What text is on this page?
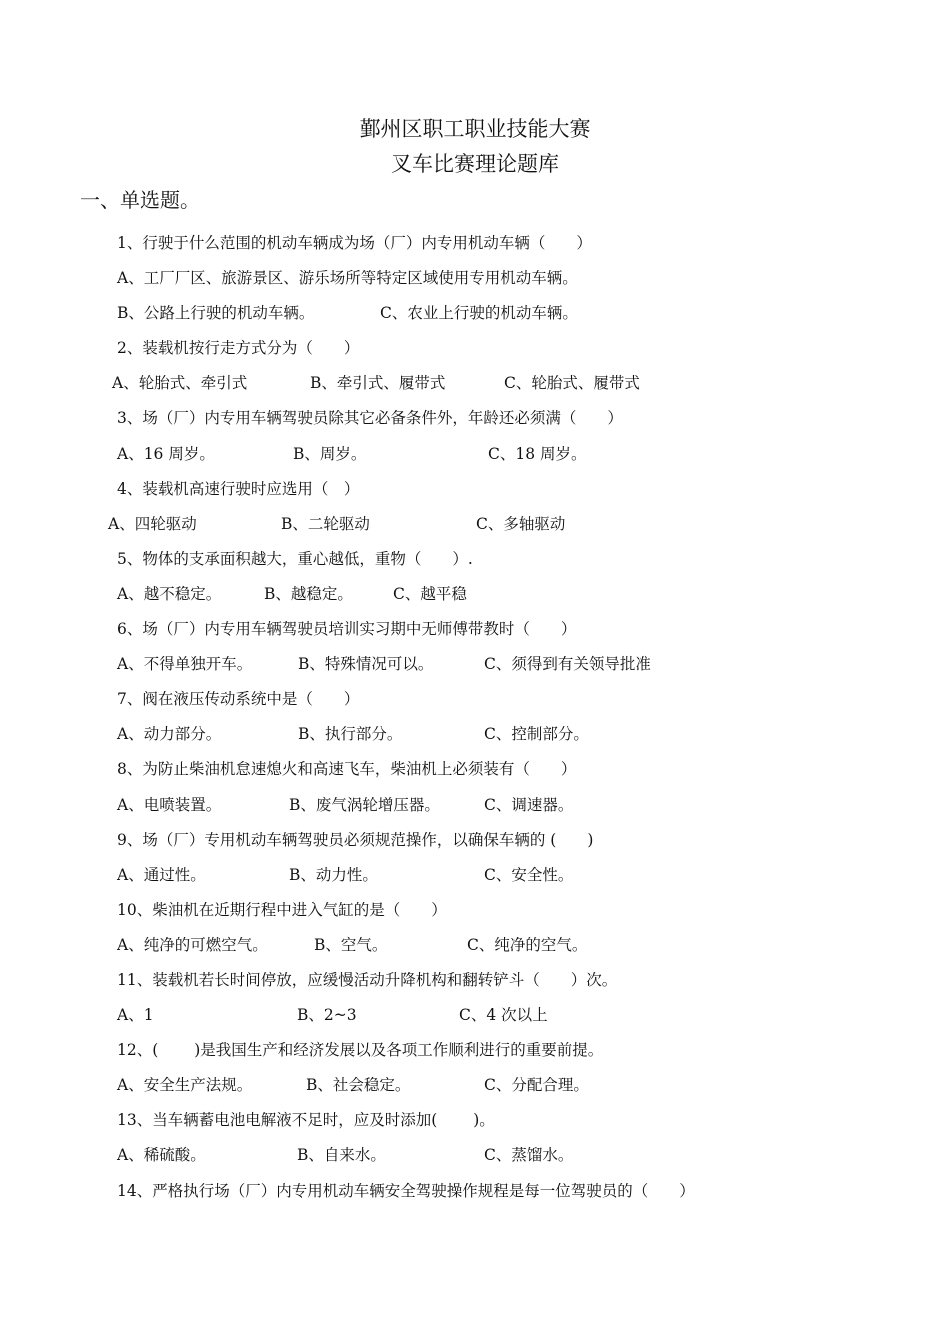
鄞州区职工职业技能大赛
叉车比赛理论题库
一、单选题。
1、行驶于什么范围的机动车辆成为场（厂）内专用机动车辆（　　）
A、工厂厂区、旅游景区、游乐场所等特定区域使用专用机动车辆。
B、公路上行驶的机动车辆。	C、农业上行驶的机动车辆。
2、装载机按行走方式分为（　　）
A、轮胎式、牵引式	B、牵引式、履带式	C、轮胎式、履带式
3、场（厂）内专用车辆驾驶员除其它必备条件外，年龄还必须满（　　）
A、16 周岁。	B、周岁。	C、18 周岁。
4、装载机高速行驶时应选用（　）
A、四轮驱动	B、二轮驱动	C、多轴驱动
5、物体的支承面积越大，重心越低，重物（　　）.
A、越不稳定。	B、越稳定。	C、越平稳
6、场（厂）内专用车辆驾驶员培训实习期中无师傅带教时（　　）
A、不得单独开车。	B、特殊情况可以。	C、须得到有关领导批准
7、阀在液压传动系统中是（　　）
A、动力部分。	B、执行部分。	C、控制部分。
8、为防止柴油机怠速熄火和高速飞车，柴油机上必须装有（　　）
A、电喷装置。	B、废气涡轮增压器。	C、调速器。
9、场（厂）专用机动车辆驾驶员必须规范操作，以确保车辆的 (　　)
A、通过性。	B、动力性。	C、安全性。
10、柴油机在近期行程中进入气缸的是（　　）
A、纯净的可燃空气。	B、空气。	C、纯净的空气。
11、装载机若长时间停放，应缓慢活动升降机构和翻转铲斗（　　）次。
A、1	B、2~3	C、4 次以上
12、(　　 )是我国生产和经济发展以及各项工作顺利进行的重要前提。
A、安全生产法规。	B、社会稳定。	C、分配合理。
13、当车辆蓄电池电解液不足时，应及时添加(　　 )。
A、稀硫酸。	B、自来水。	C、蒸馏水。
14、严格执行场（厂）内专用机动车辆安全驾驶操作规程是每一位驾驶员的（　　）
